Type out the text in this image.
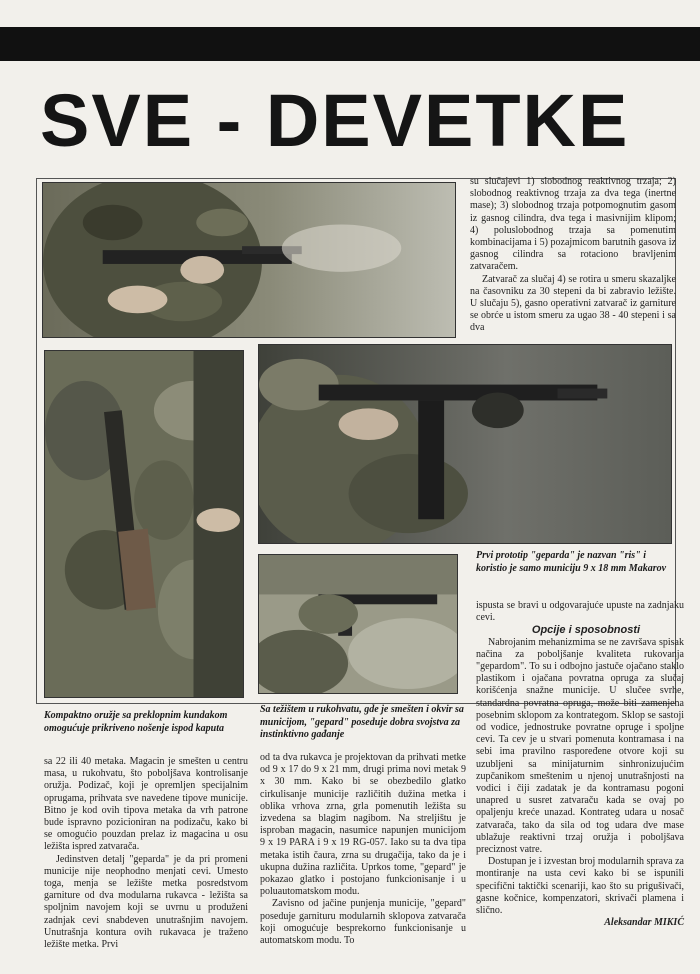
SVE - DEVETKE
Kompaktno oružje sa preklopnim kundakom omogućuje prikriveno nošenje ispod kaputa
Sa težištem u rukohvatu, gde je smešten i okvir sa municijom, "gepard" poseduje dobra svojstva za instinktivno gađanje
Prvi prototip "geparda" je nazvan "ris" i koristio je samo municiju 9 x 18 mm Makarov

su slučajevi 1) slobodnog reaktivnog trzaja; 2) slobodnog reaktivnog trzaja za dva tega (inertne mase); 3) slobodnog trzaja potpomognutim gasom iz gasnog cilindra, dva tega i masivnijim klipom; 4) poluslobodnog trzaja sa pomenutim kombinacijama i 5) pozajmicom barutnih gasova iz gasnog cilindra sa rotaciono bravljenim zatvaračem.

Zatvarač za slučaj 4) se rotira u smeru skazaljke na časovniku za 30 stepeni da bi zabravio ležište. U slučaju 5), gasno operativni zatvarač iz garniture se obrće u istom smeru za ugao 38 - 40 stepeni i sa dva

sa 22 ili 40 metaka. Magacin je smešten u centru masa, u rukohvatu, što poboljšava kontrolisanje oružja. Podizač, koji je opremljen specijalnim oprugama, prihvata sve navedene tipove municije. Bitno je kod ovih tipova metaka da vrh patrone bude ispravno pozicioniran na podizaču, kako bi se omogućio pouzdan prelaz iz magacina u osu ležišta ispred zatvarača.

Jedinstven detalj "geparda" je da pri promeni municije nije neophodno menjati cevi. Umesto toga, menja se ležište metka posredstvom garniture od dva modularna rukavca - ležišta sa spoljnim navojem koji se uvrnu u produženi zadnjak cevi snabdeven unutrašnjim navojem. Unutrašnja kontura ovih rukavaca je traženo ležište metka. Prvi

od ta dva rukavca je projektovan da prihvati metke od 9 x 17 do 9 x 21 mm, drugi prima novi metak 9 x 30 mm. Kako bi se obezbedilo glatko cirkulisanje municije različitih dužina metka i oblika vrhova zrna, grla pomenutih ležišta su izvedena sa blagim nagibom. Na streljištu je isproban magacin, nasumice napunjen municijom 9 x 19 PARA i 9 x 19 RG-057. Iako su ta dva tipa metaka istih čaura, zrna su drugačija, tako da je i ukupna dužina različita. Uprkos tome, "gepard" je pokazao glatko i postojano funkcionisanje i u poluautomatskom modu.

Zavisno od jačine punjenja municije, "gepard" poseduje garnituru modularnih sklopova zatvarača koji omogućuje besprekorno funkcionisanje u automatskom modu. To

ispusta se bravi u odgovarajuće upuste na zadnjaku cevi.

Opcije i sposobnosti

Nabrojanim mehanizmima se ne završava spisak načina za poboljšanje kvaliteta rukovanja "gepardom". To su i odbojno jastuče ojačano staklo plastikom i ojačana povratna opruga za slučaj korišćenja snažne municije. U slučee svrhe, standardna povratna opruga, može biti zamenjena posebnim sklopom za kontrategom. Sklop se sastoji od vodice, jednostruke povratne opruge i spoljne cevi. Ta cev je u stvari pomenuta kontramasa i na sebi ima pravilno raspoređene otvore koji su uzubljeni sa minijaturnim sinhronizujućim zupčanikom smeštenim u njenoj unutrašnjosti na vodici i čiji zadatak je da kontramasu pogoni unapred u susret zatvaraču kada se ovaj po opaljenju kreće unazad. Kontrateg udara u nosač zatvarača, tako da sila od tog udara dve mase ublažuje reaktivni trzaj oružja i poboljšava preciznost vatre.

Dostupan je i izvestan broj modularnih sprava za montiranje na usta cevi kako bi se ispunili specifični taktički scenariji, kao što su prigušivači, gasne kočnice, kompenzatori, skrivači plamena i slično.

Aleksandar MIKIĆ
